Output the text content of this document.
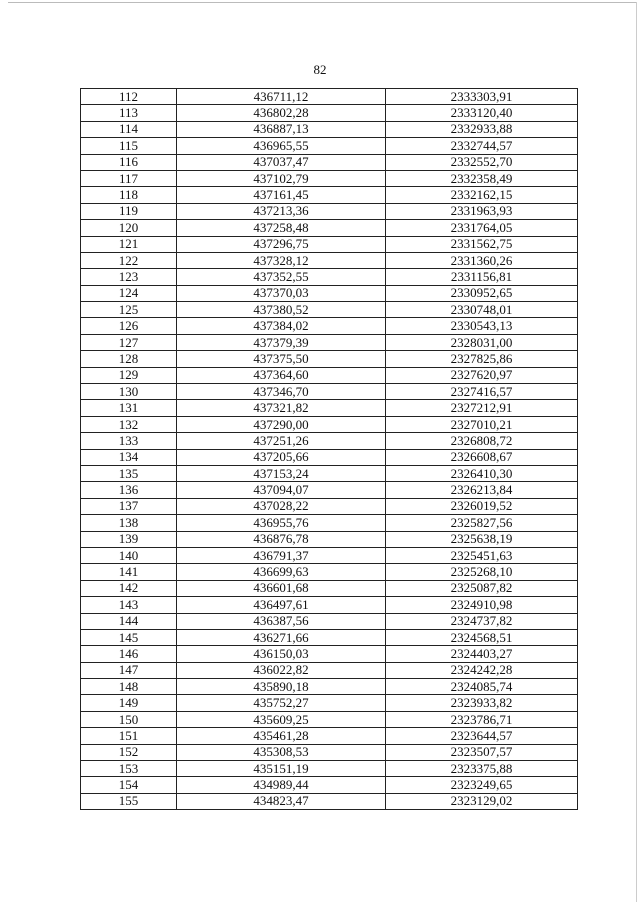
82
112	436711,12	2333303,91
113	436802,28	2333120,40
114	436887,13	2332933,88
115	436965,55	2332744,57
116	437037,47	2332552,70
117	437102,79	2332358,49
118	437161,45	2332162,15
119	437213,36	2331963,93
120	437258,48	2331764,05
121	437296,75	2331562,75
122	437328,12	2331360,26
123	437352,55	2331156,81
124	437370,03	2330952,65
125	437380,52	2330748,01
126	437384,02	2330543,13
127	437379,39	2328031,00
128	437375,50	2327825,86
129	437364,60	2327620,97
130	437346,70	2327416,57
131	437321,82	2327212,91
132	437290,00	2327010,21
133	437251,26	2326808,72
134	437205,66	2326608,67
135	437153,24	2326410,30
136	437094,07	2326213,84
137	437028,22	2326019,52
138	436955,76	2325827,56
139	436876,78	2325638,19
140	436791,37	2325451,63
141	436699,63	2325268,10
142	436601,68	2325087,82
143	436497,61	2324910,98
144	436387,56	2324737,82
145	436271,66	2324568,51
146	436150,03	2324403,27
147	436022,82	2324242,28
148	435890,18	2324085,74
149	435752,27	2323933,82
150	435609,25	2323786,71
151	435461,28	2323644,57
152	435308,53	2323507,57
153	435151,19	2323375,88
154	434989,44	2323249,65
155	434823,47	2323129,02
